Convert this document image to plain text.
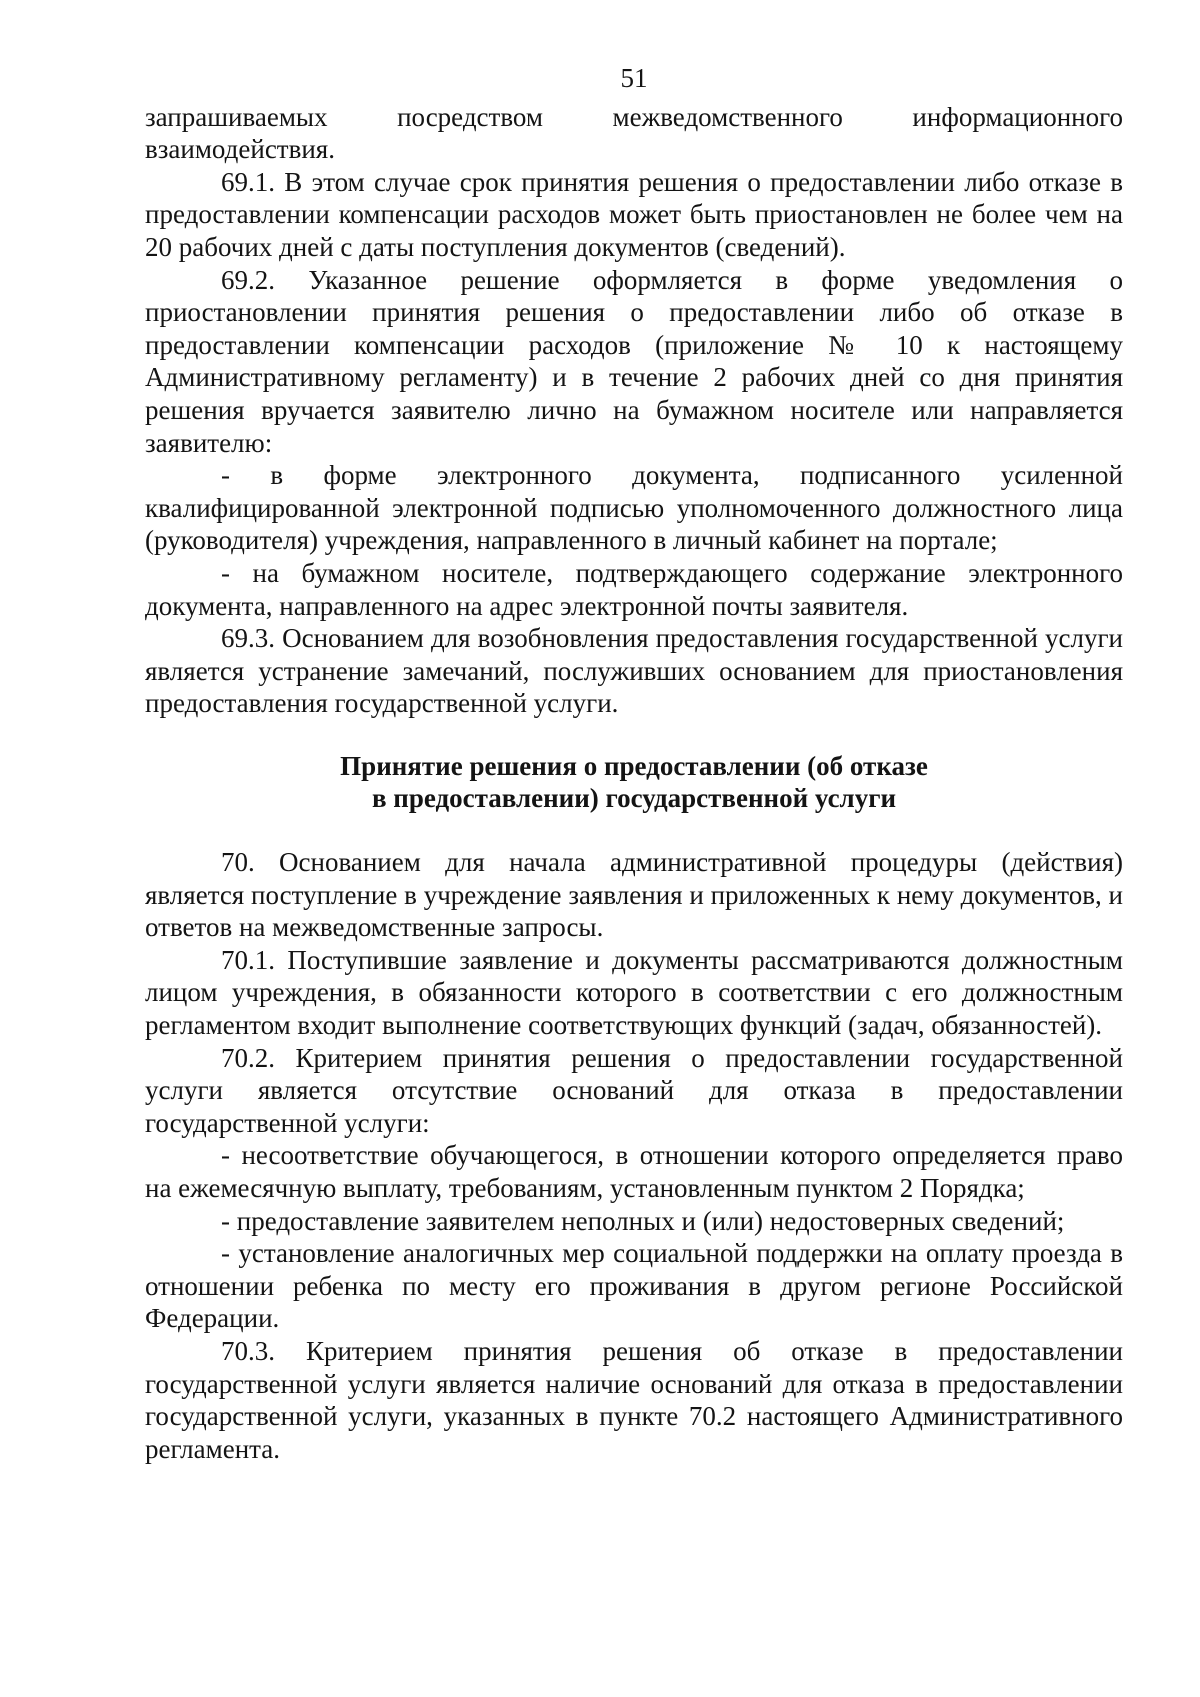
51

запрашиваемых посредством межведомственного информационного взаимодействия.

69.1. В этом случае срок принятия решения о предоставлении либо отказе в предоставлении компенсации расходов может быть приостановлен не более чем на 20 рабочих дней с даты поступления документов (сведений).

69.2. Указанное решение оформляется в форме уведомления о приостановлении принятия решения о предоставлении либо об отказе в предоставлении компенсации расходов (приложение № 10 к настоящему Административному регламенту) и в течение 2 рабочих дней со дня принятия решения вручается заявителю лично на бумажном носителе или направляется заявителю:

- в форме электронного документа, подписанного усиленной квалифицированной электронной подписью уполномоченного должностного лица (руководителя) учреждения, направленного в личный кабинет на портале;

- на бумажном носителе, подтверждающего содержание электронного документа, направленного на адрес электронной почты заявителя.

69.3. Основанием для возобновления предоставления государственной услуги является устранение замечаний, послуживших основанием для приостановления предоставления государственной услуги.

Принятие решения о предоставлении (об отказе
в предоставлении) государственной услуги

70. Основанием для начала административной процедуры (действия) является поступление в учреждение заявления и приложенных к нему документов, и ответов на межведомственные запросы.

70.1. Поступившие заявление и документы рассматриваются должностным лицом учреждения, в обязанности которого в соответствии с его должностным регламентом входит выполнение соответствующих функций (задач, обязанностей).

70.2. Критерием принятия решения о предоставлении государственной услуги является отсутствие оснований для отказа в предоставлении государственной услуги:

- несоответствие обучающегося, в отношении которого определяется право на ежемесячную выплату, требованиям, установленным пунктом 2 Порядка;

- предоставление заявителем неполных и (или) недостоверных сведений;

- установление аналогичных мер социальной поддержки на оплату проезда в отношении ребенка по месту его проживания в другом регионе Российской Федерации.

70.3. Критерием принятия решения об отказе в предоставлении государственной услуги является наличие оснований для отказа в предоставлении государственной услуги, указанных в пункте 70.2 настоящего Административного регламента.
